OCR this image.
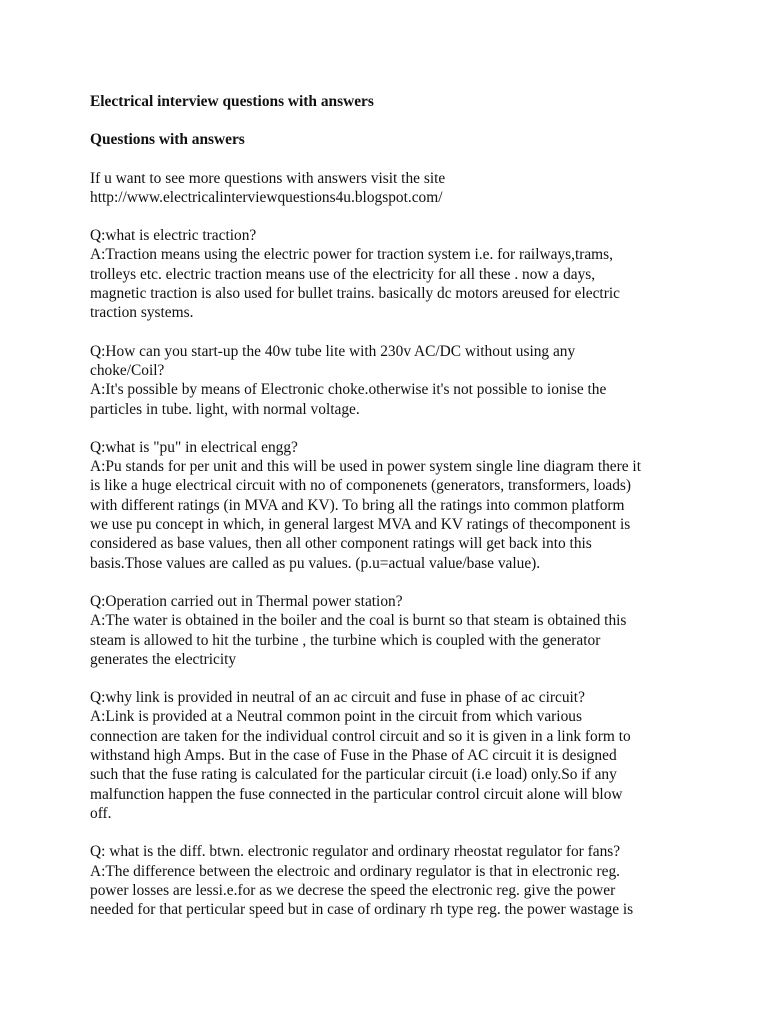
Electrical interview questions with answers

Questions with answers

If u want to see more questions with answers visit the site
http://www.electricalinterviewquestions4u.blogspot.com/

Q:what is electric traction?
A:Traction means using the electric power for traction system i.e. for railways,trams,
trolleys etc. electric traction means use of the electricity for all these . now a days,
magnetic traction is also used for bullet trains. basically dc motors areused for electric
traction systems.
Q:How can you start-up the 40w tube lite with 230v AC/DC without using any
choke/Coil?
A:It's possible by means of Electronic choke.otherwise it's not possible to ionise the
particles in tube. light, with normal voltage.
Q:what is "pu" in electrical engg?
A:Pu stands for per unit and this will be used in power system single line diagram there it
is like a huge electrical circuit with no of componenets (generators, transformers, loads)
with different ratings (in MVA and KV). To bring all the ratings into common platform
we use pu concept in which, in general largest MVA and KV ratings of thecomponent is
considered as base values, then all other component ratings will get back into this
basis.Those values are called as pu values. (p.u=actual value/base value).
Q:Operation carried out in Thermal power station?
A:The water is obtained in the boiler and the coal is burnt so that steam is obtained this
steam is allowed to hit the turbine , the turbine which is coupled with the generator
generates the electricity
Q:why link is provided in neutral of an ac circuit and fuse in phase of ac circuit?
A:Link is provided at a Neutral common point in the circuit from which various
connection are taken for the individual control circuit and so it is given in a link form to
withstand high Amps. But in the case of Fuse in the Phase of AC circuit it is designed
such that the fuse rating is calculated for the particular circuit (i.e load) only.So if any
malfunction happen the fuse connected in the particular control circuit alone will blow
off.
Q: what is the diff. btwn. electronic regulator and ordinary rheostat regulator for fans?
A:The difference between the electroic and ordinary regulator is that in electronic reg.
power losses are lessi.e.for as we decrese the speed the electronic reg. give the power
needed for that perticular speed but in case of ordinary rh type reg. the power wastage is
